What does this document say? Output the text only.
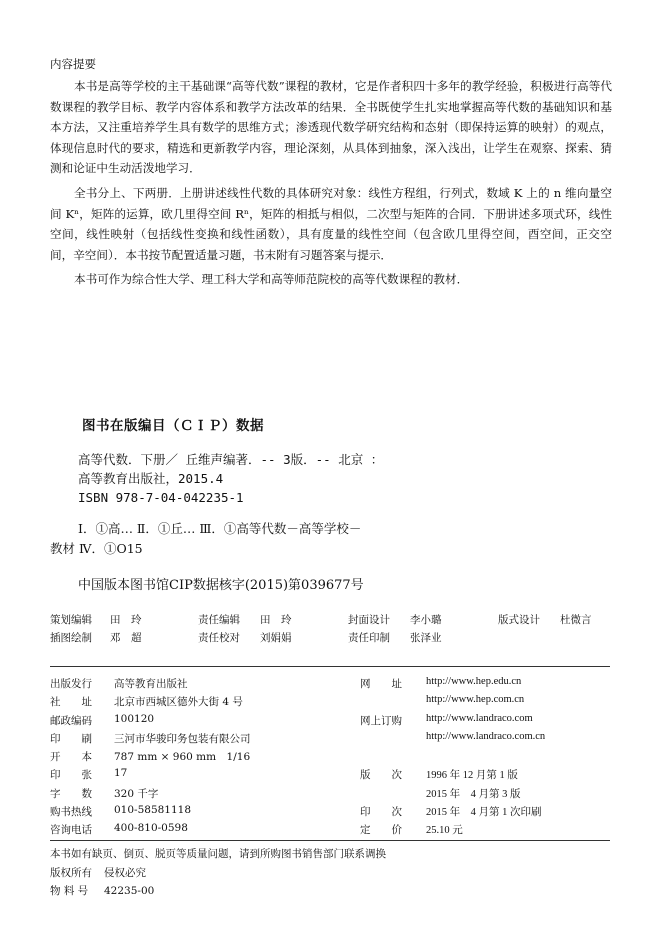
内容提要

本书是高等学校的主干基础课“高等代数”课程的教材，它是作者积四十多年的教学经验，积极进行高等代数课程的教学目标、教学内容体系和教学方法改革的结果．全书既使学生扎实地掌握高等代数的基础知识和基本方法，又注重培养学生具有数学的思维方式；渗透现代数学研究结构和态射（即保持运算的映射）的观点，体现信息时代的要求，精选和更新教学内容，理论深刻，从具体到抽象，深入浅出，让学生在观察、探索、猜测和论证中生动活泼地学习．

全书分上、下两册．上册讲述线性代数的具体研究对象：线性方程组，行列式，数域 K 上的 n 维向量空间 Kⁿ，矩阵的运算，欧几里得空间 Rⁿ，矩阵的相抵与相似，二次型与矩阵的合同．下册讲述多项式环，线性空间，线性映射（包括线性变换和线性函数），具有度量的线性空间（包含欧几里得空间，酉空间，正交空间，辛空间）．本书按节配置适量习题，书末附有习题答案与提示．

本书可作为综合性大学、理工科大学和高等师范院校的高等代数课程的教材．

图书在版编目（ＣＩＰ）数据
高等代数．下册／ 丘维声编著．-- 3版．-- 北京 ：
高等教育出版社，2015.4
ISBN 978-7-04-042235-1
Ⅰ．①高… Ⅱ．①丘… Ⅲ．①高等代数－高等学校－
教材 Ⅳ．①O15
中国版本图书馆CIP数据核字(2015)第039677号
策划编辑 田　玲	责任编辑 田　玲	封面设计 李小璐	版式设计 杜微言
插图绘制 邓　超	责任校对 刘娟娟	责任印制 张泽业
出版发行	高等教育出版社
社　　址	北京市西城区德外大街 4 号
邮政编码	100120
印　　刷	三河市华骏印务包装有限公司
开　　本	787 mm × 960 mm　1/16
印　　张	17
字　　数	320 千字
购书热线	010-58581118
咨询电话	400-810-0598
网　　址	http://www.hep.edu.cn
http://www.hep.com.cn
网上订购	http://www.landraco.com
http://www.landraco.com.cn
版　　次	1996 年 12 月第 1 版
2015 年　4 月第 3 版
印　　次	2015 年　4 月第 1 次印刷
定　　价	25.10 元
本书如有缺页、倒页、脱页等质量问题，请到所购图书销售部门联系调换
版权所有 侵权必究
物 料 号 42235-00
